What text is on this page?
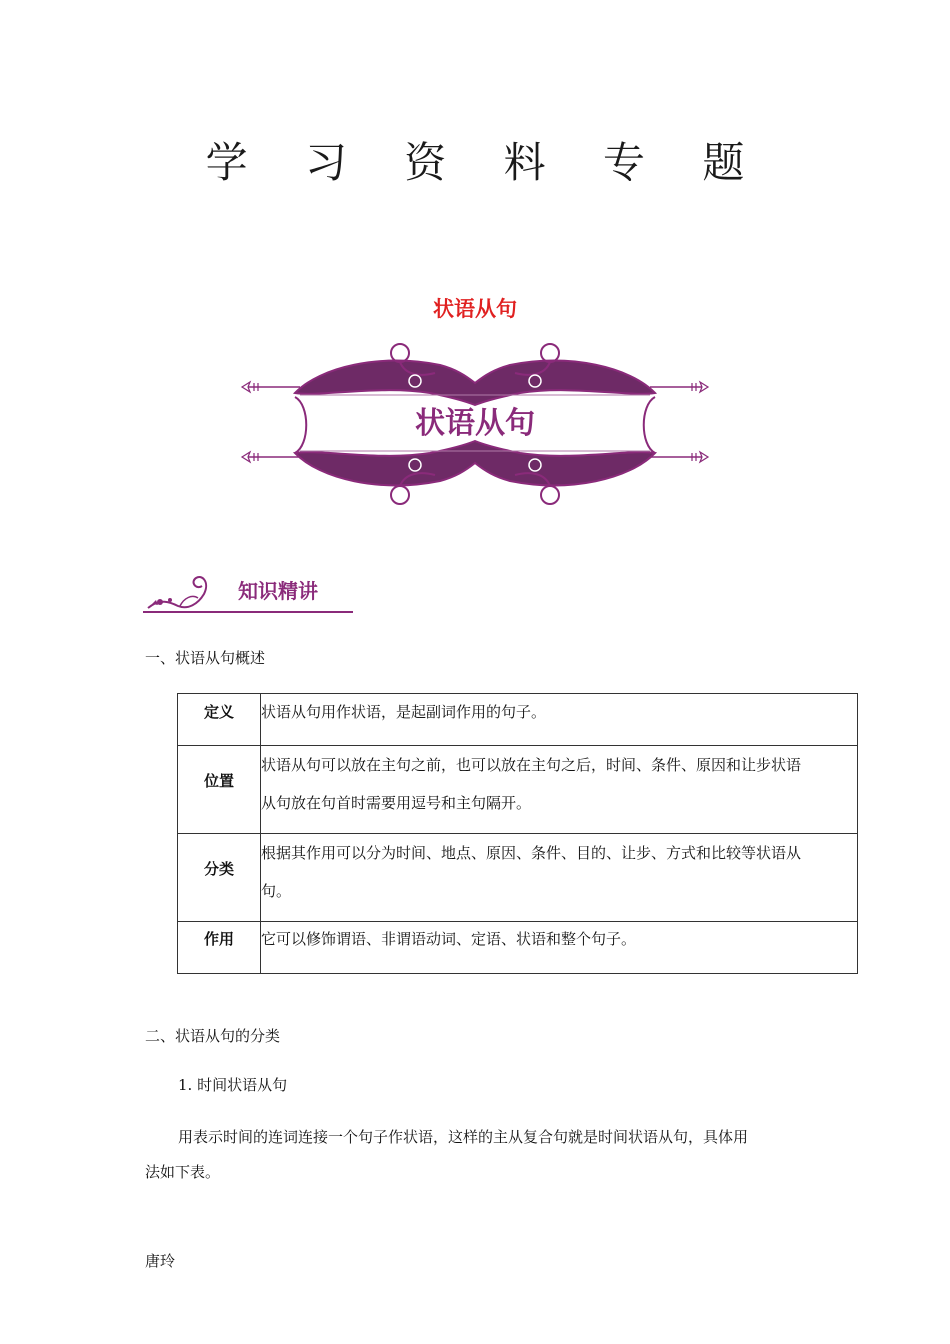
学 习 资 料 专 题
状语从句
状语从句
知识精讲
一、状语从句概述
定义	状语从句用作状语，是起副词作用的句子。

位置	状语从句可以放在主句之前，也可以放在主句之后，时间、条件、原因和让步状语
从句放在句首时需要用逗号和主句隔开。

分类	根据其作用可以分为时间、地点、原因、条件、目的、让步、方式和比较等状语从
句。

作用	它可以修饰谓语、非谓语动词、定语、状语和整个句子。
二、状语从句的分类
1. 时间状语从句
用表示时间的连词连接一个句子作状语，这样的主从复合句就是时间状语从句，具体用
法如下表。
唐玲
